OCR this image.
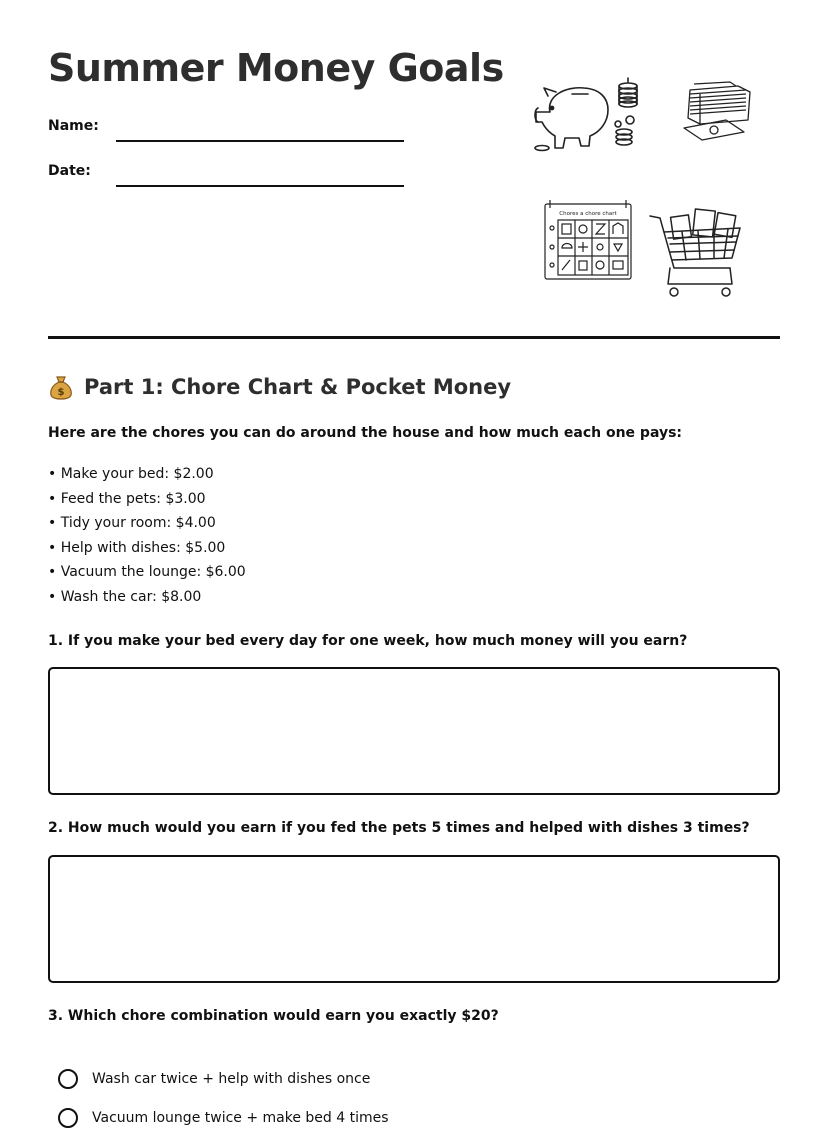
Summer Money Goals
Name:
Date:
Chores a chore chart
$ Part 1: Chore Chart & Pocket Money
Here are the chores you can do around the house and how much each one pays:
• Make your bed: $2.00
• Feed the pets: $3.00
• Tidy your room: $4.00
• Help with dishes: $5.00
• Vacuum the lounge: $6.00
• Wash the car: $8.00
1. If you make your bed every day for one week, how much money will you earn?
2. How much would you earn if you fed the pets 5 times and helped with dishes 3 times?
3. Which chore combination would earn you exactly $20?
Wash car twice + help with dishes once
Vacuum lounge twice + make bed 4 times
